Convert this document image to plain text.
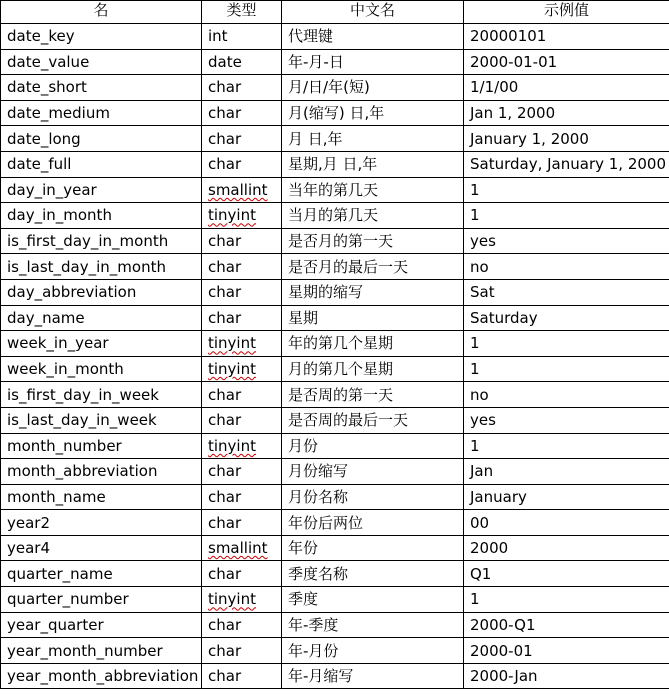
名	类型	中文名	示例值
date_key	int	代理键	20000101
date_value	date	年-月-日	2000-01-01
date_short	char	月/日/年(短)	1/1/00
date_medium	char	月(缩写) 日,年	Jan 1, 2000
date_long	char	月 日,年	January 1, 2000
date_full	char	星期,月 日,年	Saturday, January 1, 2000
day_in_year	smallint	当年的第几天	1
day_in_month	tinyint	当月的第几天	1
is_first_day_in_month	char	是否月的第一天	yes
is_last_day_in_month	char	是否月的最后一天	no
day_abbreviation	char	星期的缩写	Sat
day_name	char	星期	Saturday
week_in_year	tinyint	年的第几个星期	1
week_in_month	tinyint	月的第几个星期	1
is_first_day_in_week	char	是否周的第一天	no
is_last_day_in_week	char	是否周的最后一天	yes
month_number	tinyint	月份	1
month_abbreviation	char	月份缩写	Jan
month_name	char	月份名称	January
year2	char	年份后两位	00
year4	smallint	年份	2000
quarter_name	char	季度名称	Q1
quarter_number	tinyint	季度	1
year_quarter	char	年-季度	2000-Q1
year_month_number	char	年-月份	2000-01
year_month_abbreviation	char	年-月缩写	2000-Jan
